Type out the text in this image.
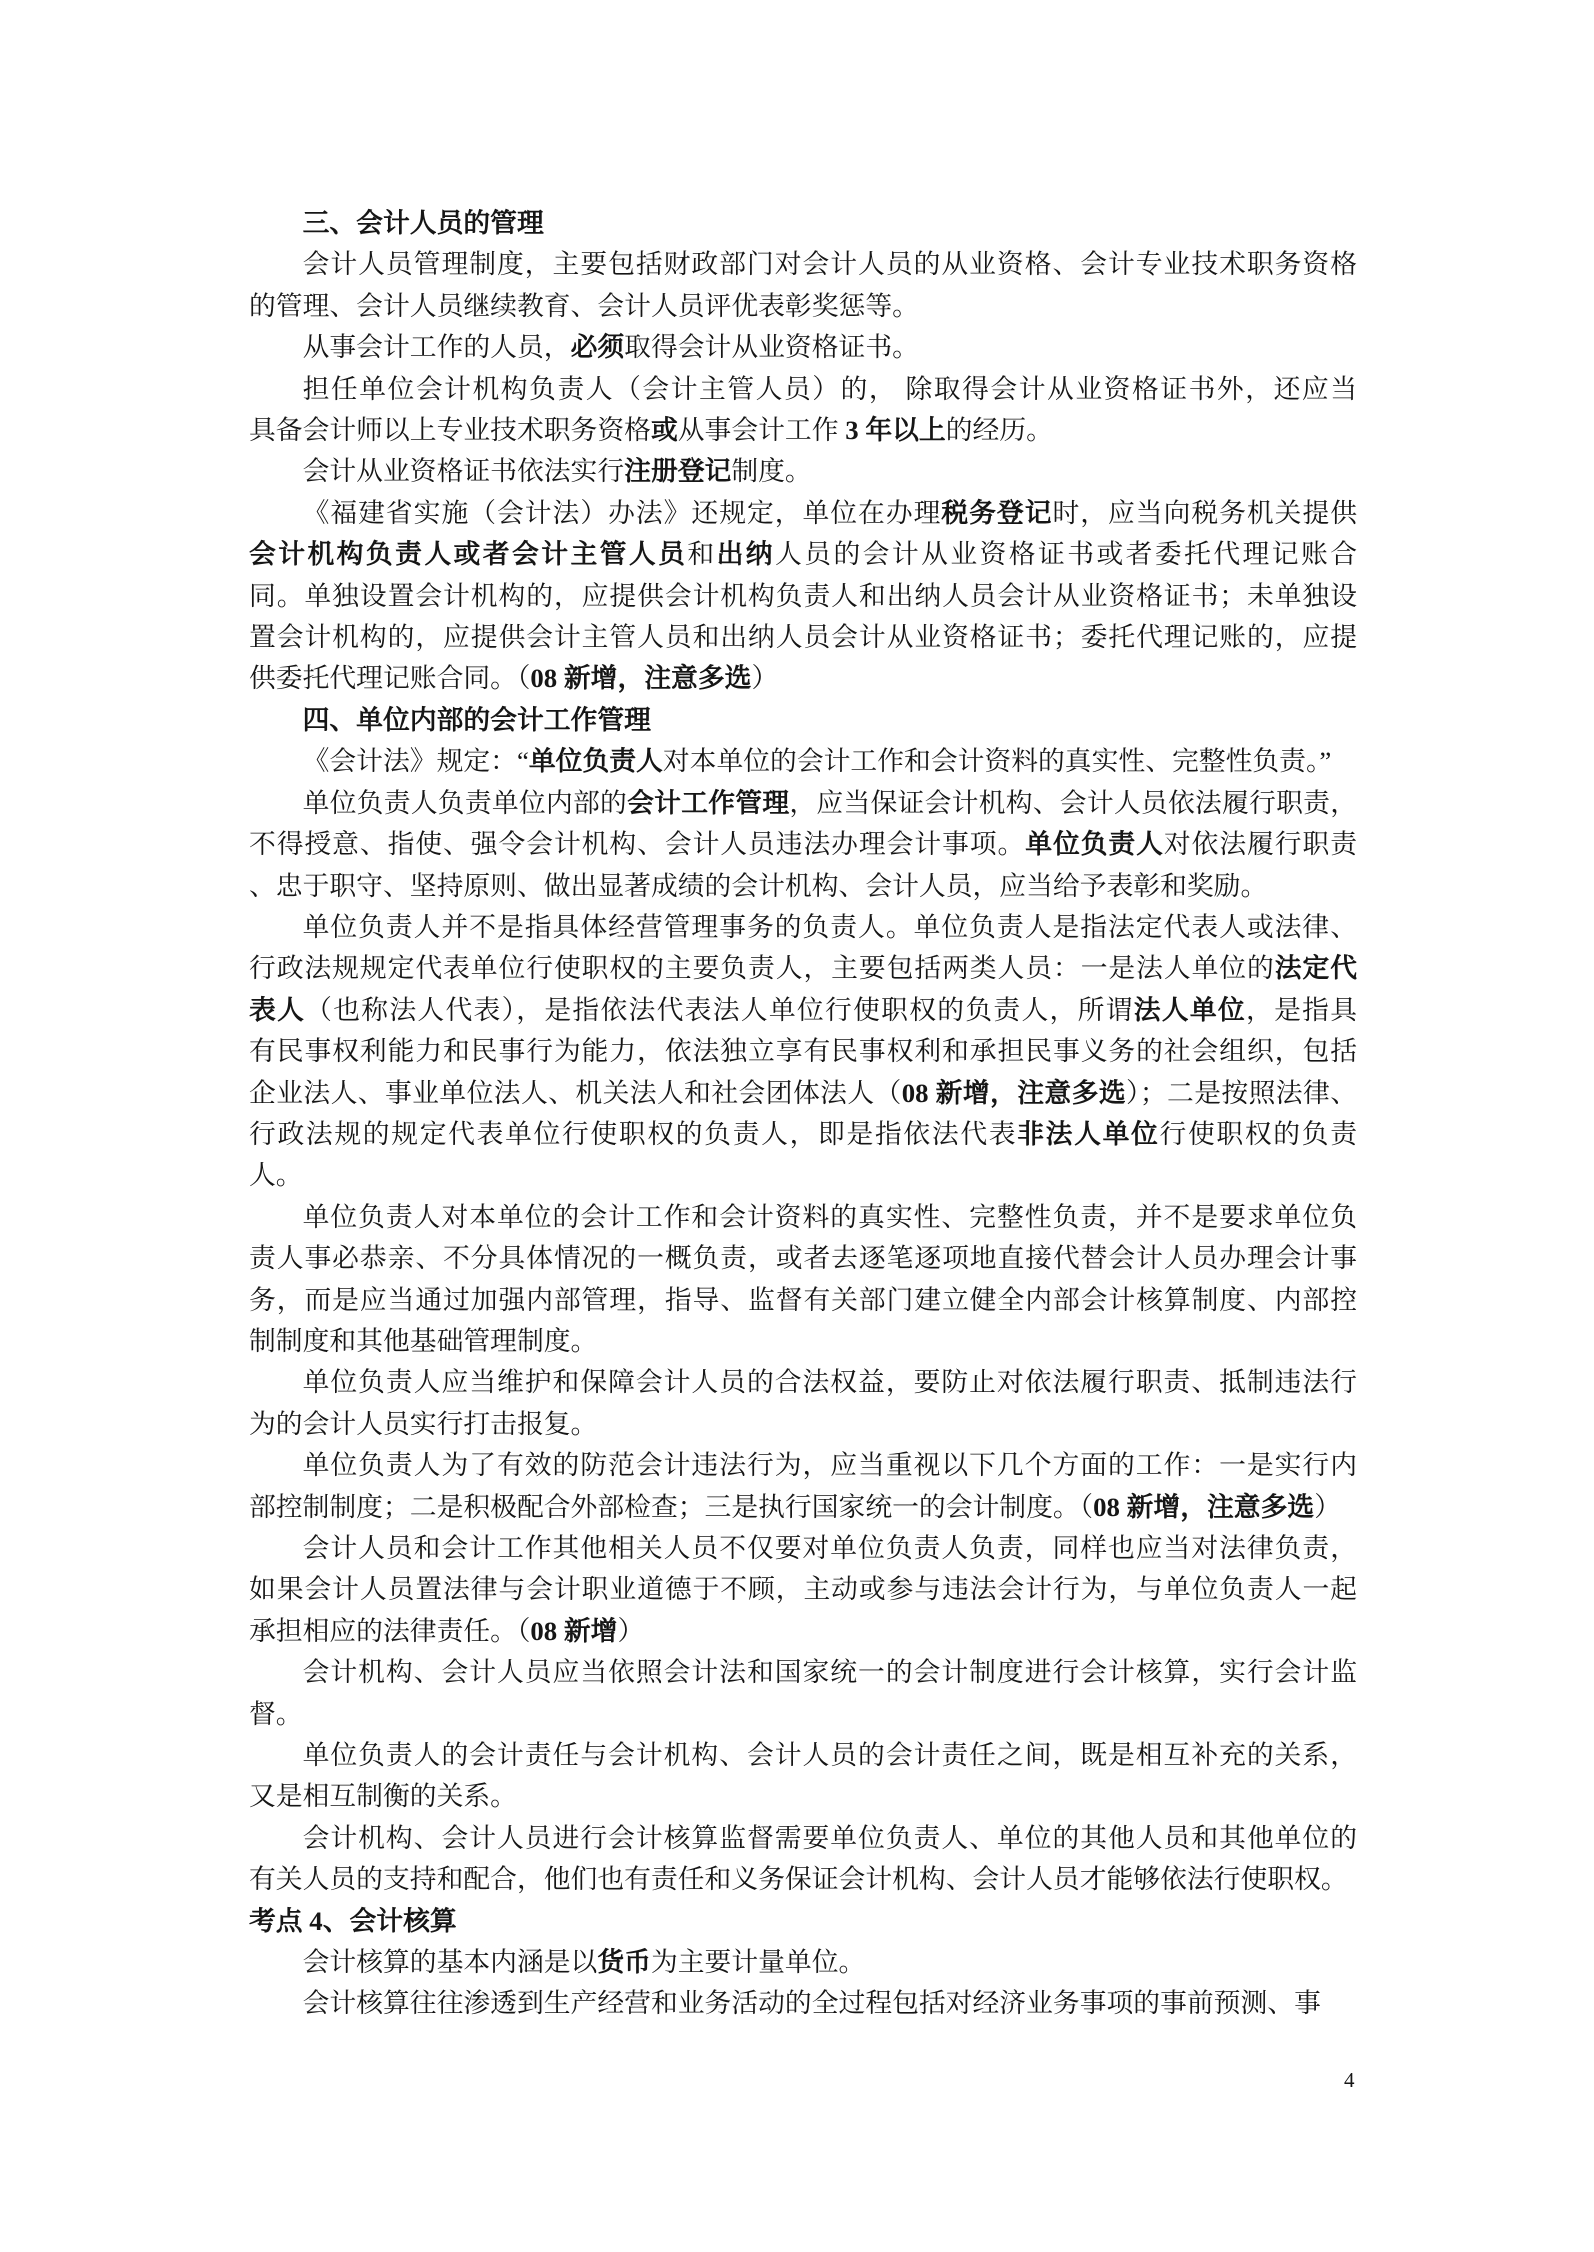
三、会计人员的管理
会计人员管理制度，主要包括财政部门对会计人员的从业资格、会计专业技术职务资格
的管理、会计人员继续教育、会计人员评优表彰奖惩等。
从事会计工作的人员，必须取得会计从业资格证书。
担任单位会计机构负责人（会计主管人员）的， 除取得会计从业资格证书外，还应当
具备会计师以上专业技术职务资格或从事会计工作 3 年以上的经历。
会计从业资格证书依法实行注册登记制度。
《福建省实施（会计法）办法》还规定，单位在办理税务登记时，应当向税务机关提供
会计机构负责人或者会计主管人员和出纳人员的会计从业资格证书或者委托代理记账合
同。单独设置会计机构的，应提供会计机构负责人和出纳人员会计从业资格证书；未单独设
置会计机构的，应提供会计主管人员和出纳人员会计从业资格证书；委托代理记账的，应提
供委托代理记账合同。（08 新增，注意多选）
四、单位内部的会计工作管理
《会计法》规定：“单位负责人对本单位的会计工作和会计资料的真实性、完整性负责。”
单位负责人负责单位内部的会计工作管理，应当保证会计机构、会计人员依法履行职责，
不得授意、指使、强令会计机构、会计人员违法办理会计事项。单位负责人对依法履行职责
、忠于职守、坚持原则、做出显著成绩的会计机构、会计人员，应当给予表彰和奖励。
单位负责人并不是指具体经营管理事务的负责人。单位负责人是指法定代表人或法律、
行政法规规定代表单位行使职权的主要负责人，主要包括两类人员：一是法人单位的法定代
表人（也称法人代表），是指依法代表法人单位行使职权的负责人，所谓法人单位，是指具
有民事权利能力和民事行为能力，依法独立享有民事权利和承担民事义务的社会组织，包括
企业法人、事业单位法人、机关法人和社会团体法人（08 新增，注意多选）；二是按照法律、
行政法规的规定代表单位行使职权的负责人，即是指依法代表非法人单位行使职权的负责
人。
单位负责人对本单位的会计工作和会计资料的真实性、完整性负责，并不是要求单位负
责人事必恭亲、不分具体情况的一概负责，或者去逐笔逐项地直接代替会计人员办理会计事
务，而是应当通过加强内部管理，指导、监督有关部门建立健全内部会计核算制度、内部控
制制度和其他基础管理制度。
单位负责人应当维护和保障会计人员的合法权益，要防止对依法履行职责、抵制违法行
为的会计人员实行打击报复。
单位负责人为了有效的防范会计违法行为，应当重视以下几个方面的工作：一是实行内
部控制制度；二是积极配合外部检查；三是执行国家统一的会计制度。（08 新增，注意多选）
会计人员和会计工作其他相关人员不仅要对单位负责人负责，同样也应当对法律负责，
如果会计人员置法律与会计职业道德于不顾，主动或参与违法会计行为，与单位负责人一起
承担相应的法律责任。（08 新增）
会计机构、会计人员应当依照会计法和国家统一的会计制度进行会计核算，实行会计监
督。
单位负责人的会计责任与会计机构、会计人员的会计责任之间，既是相互补充的关系，
又是相互制衡的关系。
会计机构、会计人员进行会计核算监督需要单位负责人、单位的其他人员和其他单位的
有关人员的支持和配合，他们也有责任和义务保证会计机构、会计人员才能够依法行使职权。
考点 4、会计核算
会计核算的基本内涵是以货币为主要计量单位。
会计核算往往渗透到生产经营和业务活动的全过程包括对经济业务事项的事前预测、事
4
